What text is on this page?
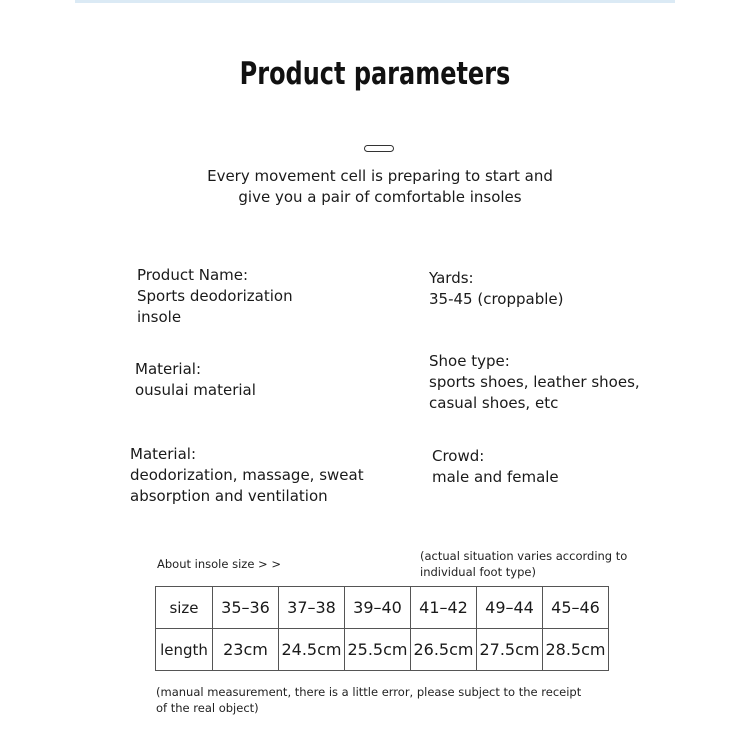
Product parameters
Every movement cell is preparing to start and
give you a pair of comfortable insoles
Product Name:
Sports deodorization
insole
Yards:
35-45 (croppable)
Material:
ousulai material
Shoe type:
sports shoes, leather shoes,
casual shoes, etc
Material:
deodorization, massage, sweat
absorption and ventilation
Crowd:
male and female
About insole size > >
(actual situation varies according to
individual foot type)
size	35–36	37–38	39–40	41–42	49–44	45–46
length	23cm	24.5cm	25.5cm	26.5cm	27.5cm	28.5cm
(manual measurement, there is a little error, please subject to the receipt
of the real object)
